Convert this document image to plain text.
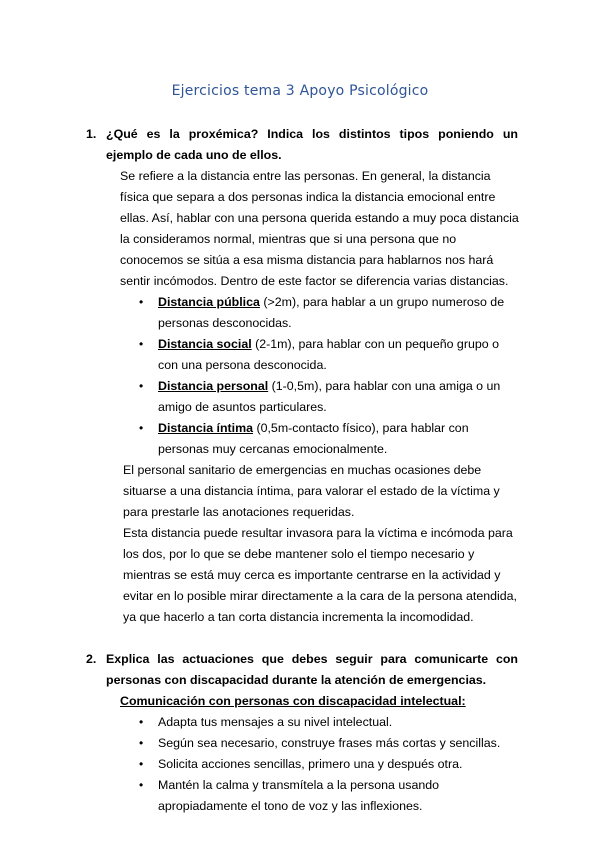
Ejercicios tema 3 Apoyo Psicológico
1. ¿Qué es la proxémica? Indica los distintos tipos poniendo un ejemplo de cada uno de ellos.

Se refiere a la distancia entre las personas. En general, la distancia física que separa a dos personas indica la distancia emocional entre ellas. Así, hablar con una persona querida estando a muy poca distancia la consideramos normal, mientras que si una persona que no conocemos se sitúa a esa misma distancia para hablarnos nos hará sentir incómodos. Dentro de este factor se diferencia varias distancias.

• Distancia pública (>2m), para hablar a un grupo numeroso de personas desconocidas.
• Distancia social (2-1m), para hablar con un pequeño grupo o con una persona desconocida.
• Distancia personal (1-0,5m), para hablar con una amiga o un amigo de asuntos particulares.
• Distancia íntima (0,5m-contacto físico), para hablar con personas muy cercanas emocionalmente.

El personal sanitario de emergencias en muchas ocasiones debe situarse a una distancia íntima, para valorar el estado de la víctima y para prestarle las anotaciones requeridas.

Esta distancia puede resultar invasora para la víctima e incómoda para los dos, por lo que se debe mantener solo el tiempo necesario y mientras se está muy cerca es importante centrarse en la actividad y evitar en lo posible mirar directamente a la cara de la persona atendida, ya que hacerlo a tan corta distancia incrementa la incomodidad.

2. Explica las actuaciones que debes seguir para comunicarte con personas con discapacidad durante la atención de emergencias.

Comunicación con personas con discapacidad intelectual:

• Adapta tus mensajes a su nivel intelectual.
• Según sea necesario, construye frases más cortas y sencillas.
• Solicita acciones sencillas, primero una y después otra.
• Mantén la calma y transmítela a la persona usando apropiadamente el tono de voz y las inflexiones.
